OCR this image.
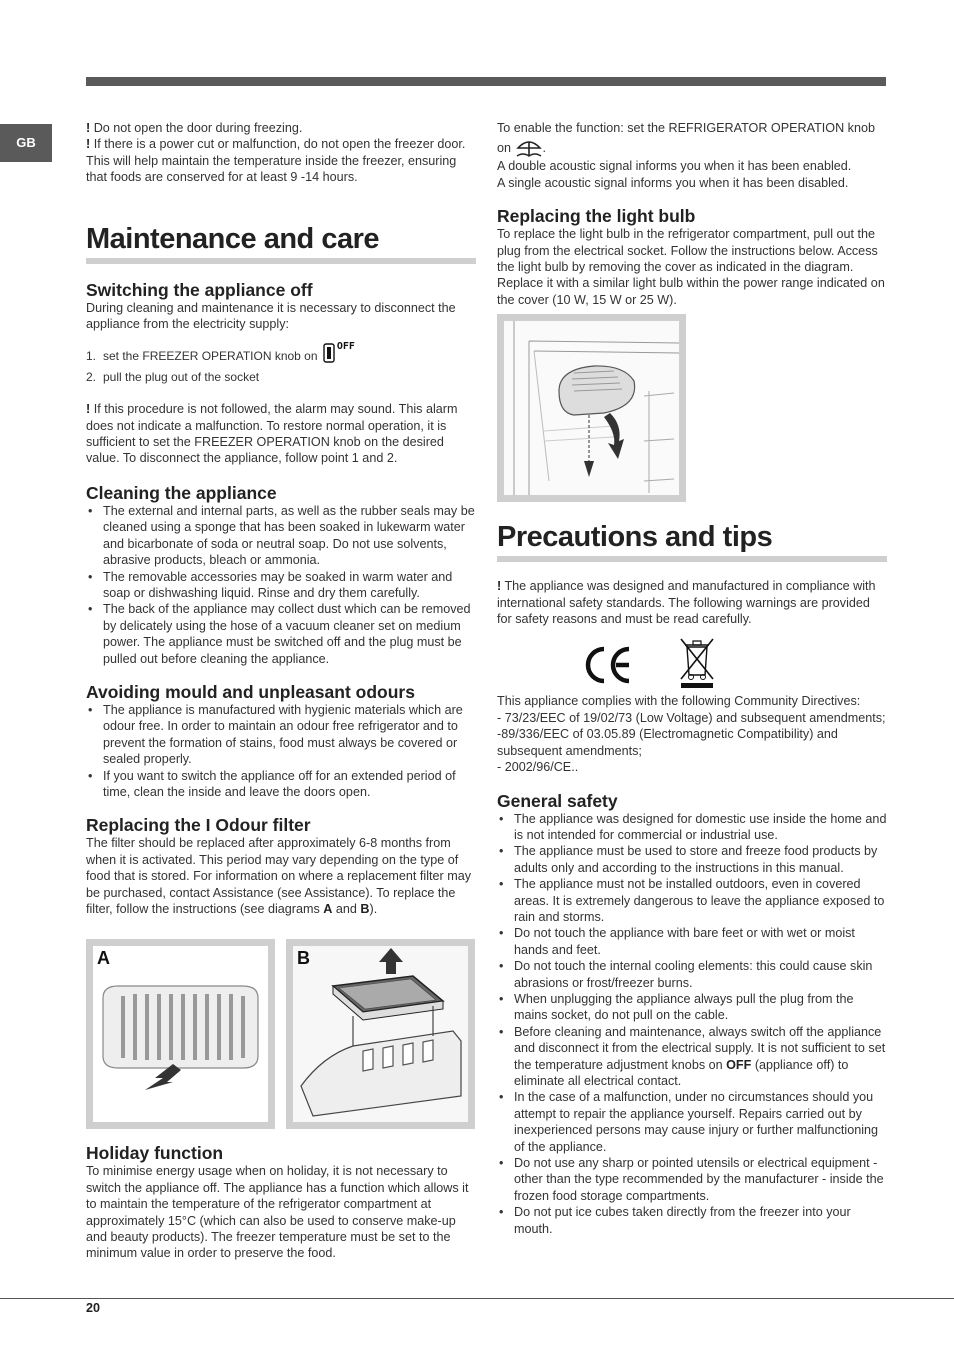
GB

! Do not open the door during freezing.

! If there is a power cut or malfunction, do not open the freezer door. This will help maintain the temperature inside the freezer, ensuring that foods are conserved for at least 9 -14 hours.

Maintenance and care
Switching the appliance off

During cleaning and maintenance it is necessary to disconnect the appliance from the electricity supply:

1. set the FREEZER OPERATION knob on
OFF
2. pull the plug out of the socket

! If this procedure is not followed, the alarm may sound. This alarm does not indicate a malfunction. To restore normal operation, it is sufficient to set the FREEZER OPERATION knob on the desired value. To disconnect the appliance, follow point 1 and 2.

Cleaning the appliance
• The external and internal parts, as well as the rubber seals may be cleaned using a sponge that has been soaked in lukewarm water and bicarbonate of soda or neutral soap. Do not use solvents, abrasive products, bleach or ammonia.
• The removable accessories may be soaked in warm water and soap or dishwashing liquid. Rinse and dry them carefully.
• The back of the appliance may collect dust which can be removed by delicately using the hose of a vacuum cleaner set on medium power. The appliance must be switched off and the plug must be pulled out before cleaning the appliance.
Avoiding mould and unpleasant odours
• The appliance is manufactured with hygienic materials which are odour free. In order to maintain an odour free refrigerator and to prevent the formation of stains, food must always be covered or sealed properly.
• If you want to switch the appliance off for an extended period of time, clean the inside and leave the doors open.
Replacing the I Odour filter

The filter should be replaced after approximately 6-8 months from when it is activated. This period may vary depending on the type of food that is stored. For information on where a replacement filter may be purchased, contact Assistance (see Assistance). To replace the filter, follow the instructions (see diagrams A and B).

A	B
Holiday function

To minimise energy usage when on holiday, it is not necessary to switch the appliance off. The appliance has a function which allows it to maintain the temperature of the refrigerator compartment at approximately 15°C (which can also be used to conserve make-up and beauty products). The freezer temperature must be set to the minimum value in order to preserve the food.

To enable the function: set the REFRIGERATOR OPERATION knob on	.

A double acoustic signal informs you when it has been enabled.

A single acoustic signal informs you when it has been disabled.

Replacing the light bulb

To replace the light bulb in the refrigerator compartment, pull out the plug from the electrical socket. Follow the instructions below. Access the light bulb by removing the cover as indicated in the diagram. Replace it with a similar light bulb within the power range indicated on the cover (10 W, 15 W or 25 W).

Precautions and tips

! The appliance was designed and manufactured in compliance with international safety standards. The following warnings are provided for safety reasons and must be read carefully.

This appliance complies with the following Community Directives:

- 73/23/EEC of 19/02/73 (Low Voltage) and subsequent amendments;

-89/336/EEC of 03.05.89 (Electromagnetic Compatibility) and subsequent amendments;

- 2002/96/CE..

General safety
• The appliance was designed for domestic use inside the home and is not intended for commercial or industrial use.
• The appliance must be used to store and freeze food products by adults only and according to the instructions in this manual.
• The appliance must not be installed outdoors, even in covered areas. It is extremely dangerous to leave the appliance exposed to rain and storms.
• Do not touch the appliance with bare feet or with wet or moist hands and feet.
• Do not touch the internal cooling elements: this could cause skin abrasions or frost/freezer burns.
• When unplugging the appliance always pull the plug from the mains socket, do not pull on the cable.
• Before cleaning and maintenance, always switch off the appliance and disconnect it from the electrical supply. It is not sufficient to set the temperature adjustment knobs on OFF (appliance off) to eliminate all electrical contact.
• In the case of a malfunction, under no circumstances should you attempt to repair the appliance yourself. Repairs carried out by inexperienced persons may cause injury or further malfunctioning of the appliance.
• Do not use any sharp or pointed utensils or electrical equipment - other than the type recommended by the manufacturer - inside the frozen food storage compartments.
• Do not put ice cubes taken directly from the freezer into your mouth.
20
